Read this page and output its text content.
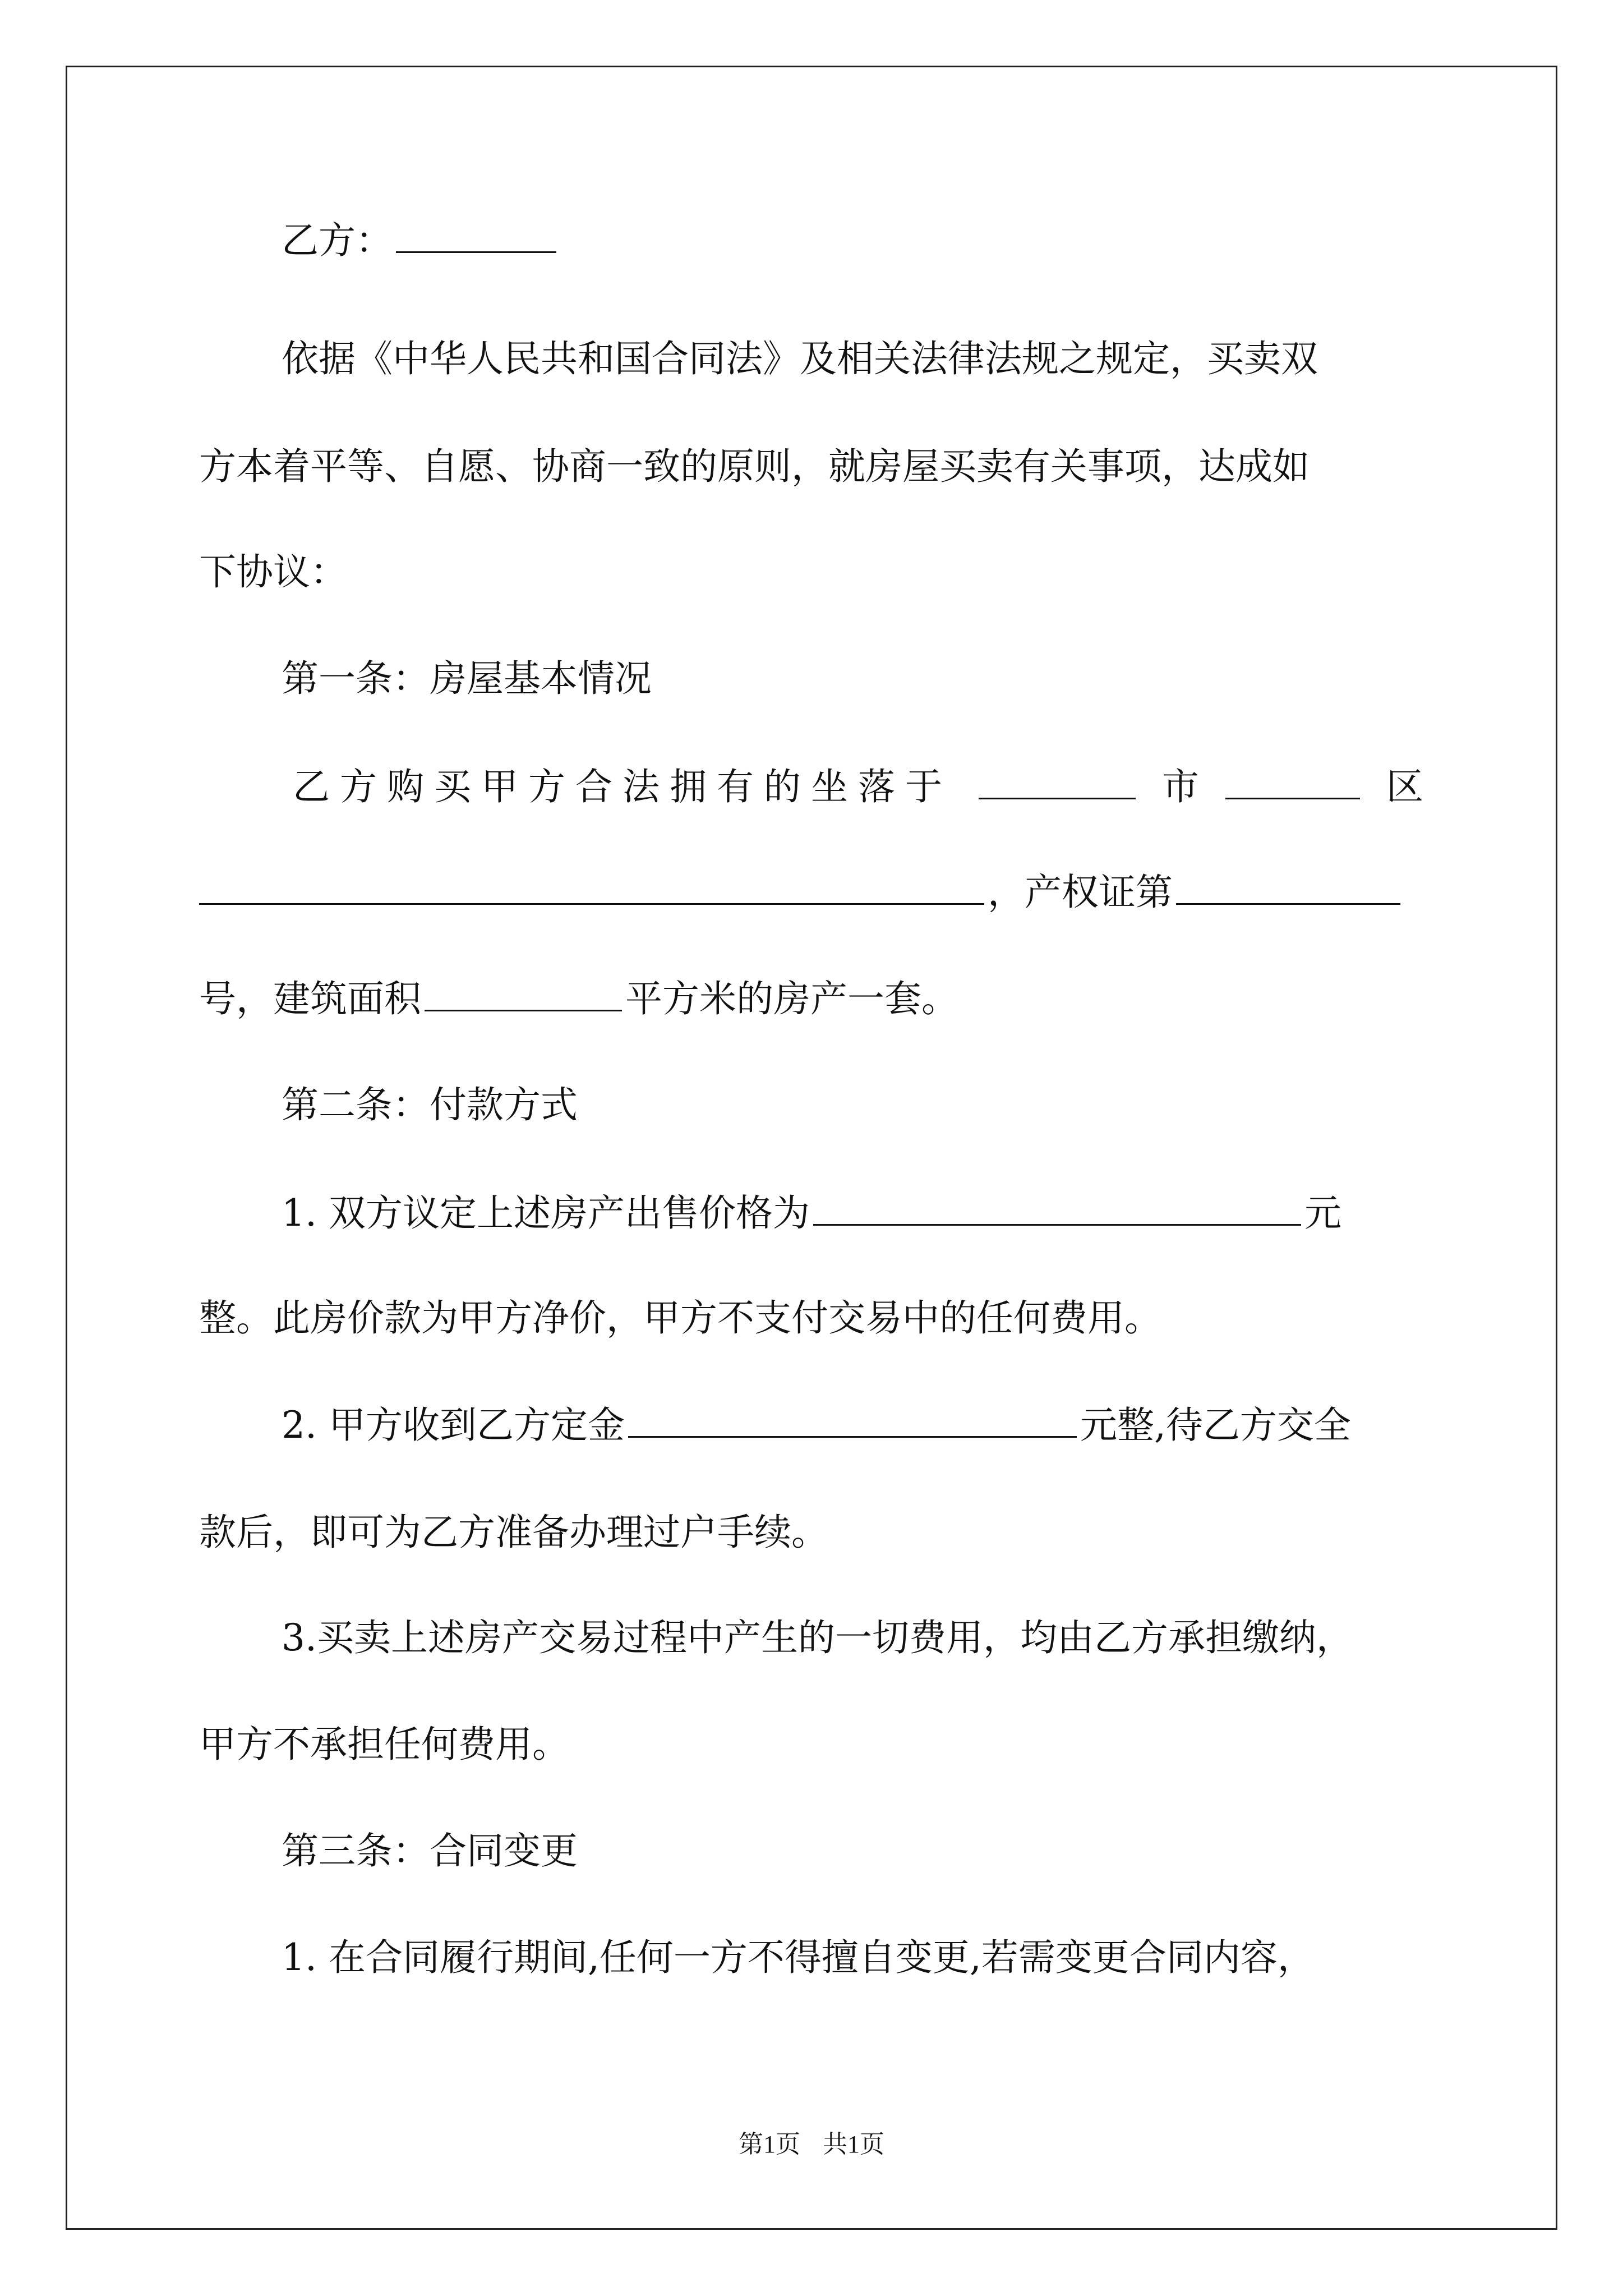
乙方：
依据《中华人民共和国合同法》及相关法律法规之规定，买卖双
方本着平等、自愿、协商一致的原则，就房屋买卖有关事项，达成如
下协议：
第一条：房屋基本情况
乙方购买甲方合法拥有的坐落于	市	区
，产权证第
号，建筑面积	平方米的房产一套。
第二条：付款方式
1. 双方议定上述房产出售价格为	元
整。此房价款为甲方净价，甲方不支付交易中的任何费用。
2. 甲方收到乙方定金	元整,待乙方交全
款后，即可为乙方准备办理过户手续。
3.买卖上述房产交易过程中产生的一切费用，均由乙方承担缴纳，
甲方不承担任何费用。
第三条：合同变更
1. 在合同履行期间,任何一方不得擅自变更,若需变更合同内容，
第1页 共1页
